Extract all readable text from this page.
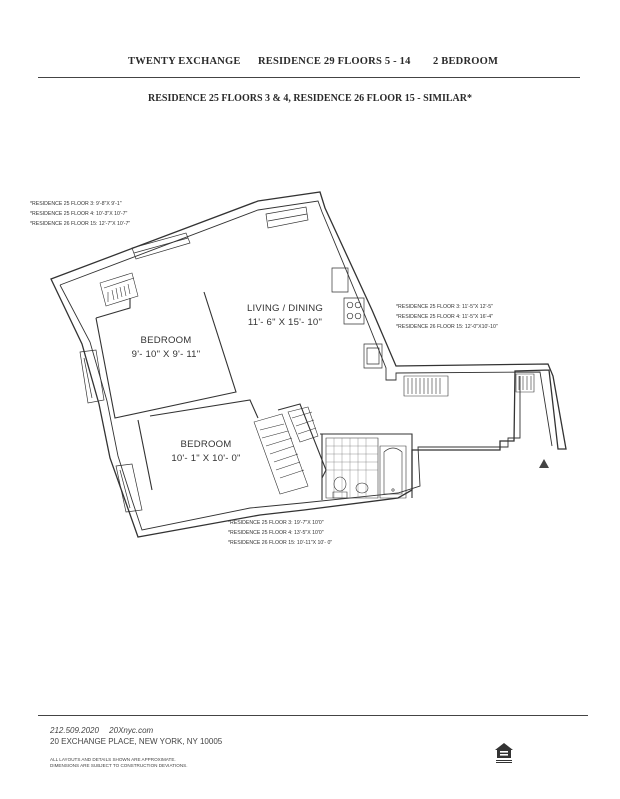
TWENTY EXCHANGE RESIDENCE 29 FLOORS 5 - 14 2 BEDROOM
RESIDENCE 25 FLOORS 3 & 4, RESIDENCE 26 FLOOR 15 - SIMILAR*
*RESIDENCE 25 FLOOR 3: 9'-8"X 9'-1"
*RESIDENCE 25 FLOOR 4: 10'-3"X 10'-7"
*RESIDENCE 26 FLOOR 15: 12'-7"X 10'-7"
*RESIDENCE 25 FLOOR 3: 11'-5"X 12'-5"
*RESIDENCE 25 FLOOR 4: 11'-5"X 16'-4"
*RESIDENCE 26 FLOOR 15: 12'-0"X10'-10"
*RESIDENCE 25 FLOOR 3: 19'-7"X 10'0"
*RESIDENCE 25 FLOOR 4: 13'-5"X 10'0"
*RESIDENCE 26 FLOOR 15: 10'-11"X 10'- 0"
LIVING / DINING
11'- 6" X 15'- 10"
BEDROOM
9'- 10" X 9'- 11"
BEDROOM
10'- 1" X 10'- 0"
212.509.2020 20Xnyc.com
20 EXCHANGE PLACE, NEW YORK, NY 10005
ALL LAYOUTS AND DETAILS SHOWN ARE APPROXIMATE.
DIMENSIONS ARE SUBJECT TO CONSTRUCTION DEVIATIONS.
